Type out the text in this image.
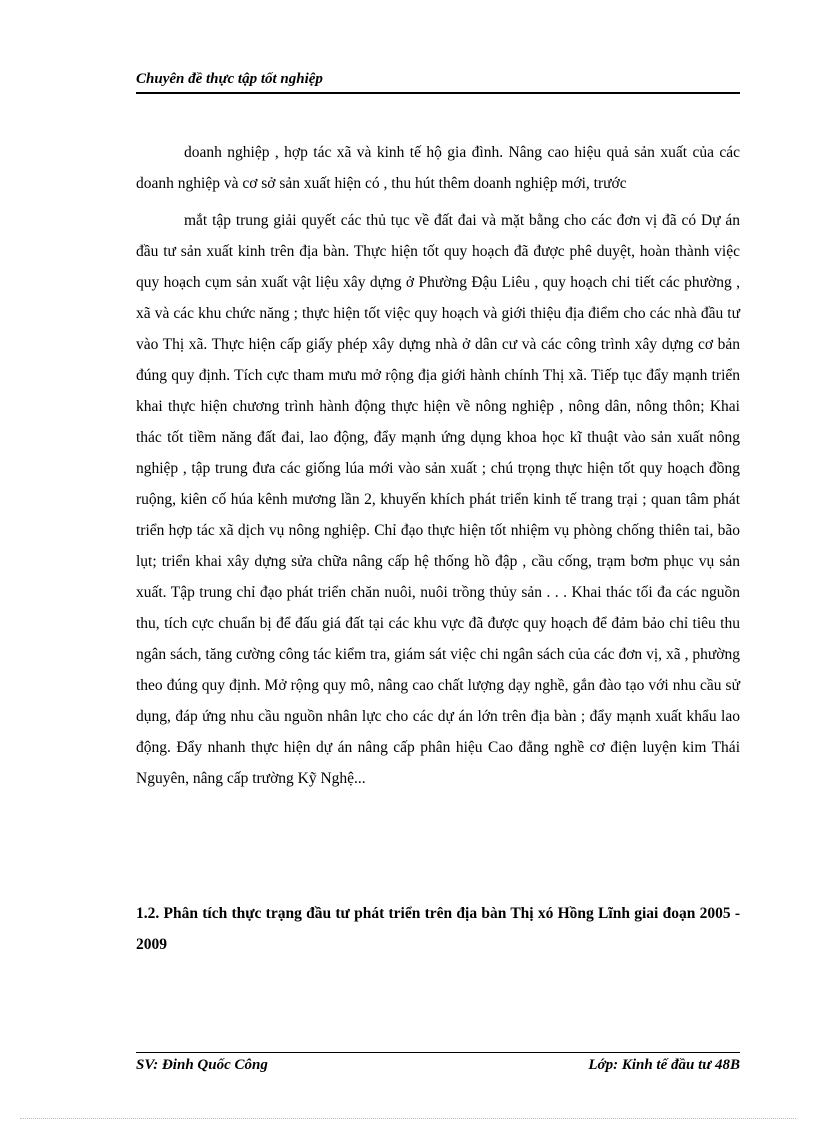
Chuyên đề thực tập tốt nghiệp

doanh nghiệp , hợp tác xã và kinh tế hộ gia đình. Nâng cao hiệu quả sản xuất của các doanh nghiệp và cơ sở sản xuất hiện có , thu hút thêm doanh nghiệp mới, trước

mắt tập trung giải quyết các thủ tục về đất đai và mặt bằng cho các đơn vị đã có Dự án đầu tư sản xuất kinh trên địa bàn. Thực hiện tốt quy hoạch đã được phê duyệt, hoàn thành việc quy hoạch cụm sản xuất vật liệu xây dựng ở Phường Đậu Liêu , quy hoạch chi tiết các phường , xã và các khu chức năng ; thực hiện tốt việc quy hoạch và giới thiệu địa điểm cho các nhà đầu tư vào Thị xã. Thực hiện cấp giấy phép xây dựng nhà ở dân cư và các công trình xây dựng cơ bản đúng quy định. Tích cực tham mưu mở rộng địa giới hành chính Thị xã. Tiếp tục đẩy mạnh triển khai thực hiện chương trình hành động thực hiện về nông nghiệp , nông dân, nông thôn; Khai thác tốt tiềm năng đất đai, lao động, đẩy mạnh ứng dụng khoa học kĩ thuật vào sản xuất nông nghiệp , tập trung đưa các giống lúa mới vào sản xuất ; chú trọng thực hiện tốt quy hoạch đồng ruộng, kiên cố húa kênh mương lần 2, khuyến khích phát triển kinh tế trang trại ; quan tâm phát triển hợp tác xã dịch vụ nông nghiệp. Chỉ đạo thực hiện tốt nhiệm vụ phòng chống thiên tai, bão lụt; triển khai xây dựng sửa chữa nâng cấp hệ thống hồ đập , cầu cống, trạm bơm phục vụ sản xuất. Tập trung chỉ đạo phát triển chăn nuôi, nuôi trồng thủy sản . . . Khai thác tối đa các nguồn thu, tích cực chuẩn bị để đấu giá đất tại các khu vực đã được quy hoạch để đảm bảo chỉ tiêu thu ngân sách, tăng cường công tác kiểm tra, giám sát việc chi ngân sách của các đơn vị, xã , phường theo đúng quy định. Mở rộng quy mô, nâng cao chất lượng dạy nghề, gắn đào tạo với nhu cầu sử dụng, đáp ứng nhu cầu nguồn nhân lực cho các dự án lớn trên địa bàn ; đẩy mạnh xuất khẩu lao động. Đẩy nhanh thực hiện dự án nâng cấp phân hiệu Cao đẳng nghề cơ điện luyện kim Thái Nguyên, nâng cấp trường Kỹ Nghệ...

1.2. Phân tích thực trạng đầu tư phát triển trên địa bàn Thị xó Hồng Lĩnh giai đoạn 2005 - 2009
SV: Đinh Quốc Công	Lớp: Kinh tế đầu tư 48B
